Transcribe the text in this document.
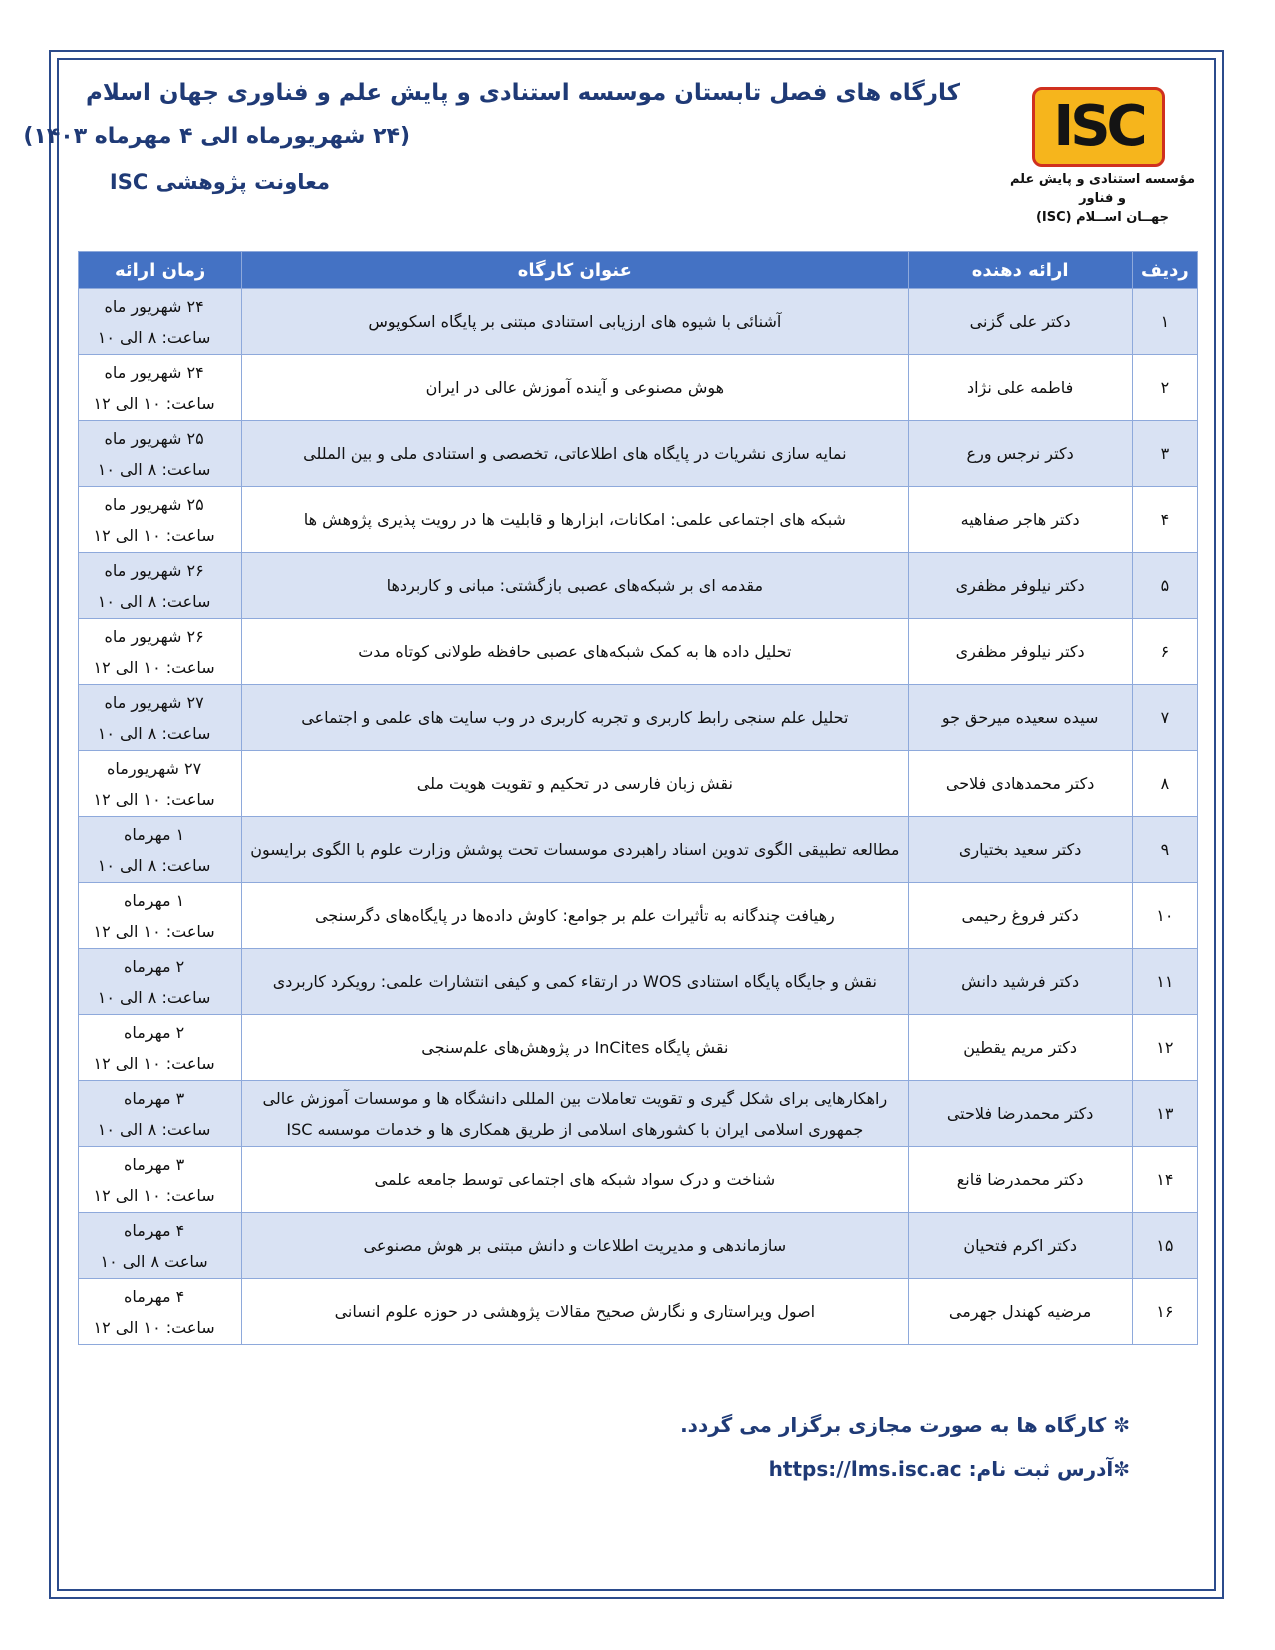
ISC
مؤسسه استنادی و پایش علم و فناور
جهــان اســلام (ISC)
کارگاه های فصل تابستان موسسه استنادی و پایش علم و فناوری جهان اسلام
(۲۴ شهریورماه الی ۴ مهرماه ۱۴۰۳)
معاونت پژوهشی ISC
ردیف	ارائه دهنده	عنوان کارگاه	زمان ارائه
۱	دکتر علی گزنی	آشنائی با شیوه های ارزیابی استنادی مبتنی بر پایگاه اسکوپوس	۲۴ شهریور ماه
ساعت: ۸ الی ۱۰

۲	فاطمه علی نژاد	هوش مصنوعی و آینده آموزش عالی در ایران	۲۴ شهریور ماه
ساعت: ۱۰ الی ۱۲

۳	دکتر نرجس ورع	نمایه سازی نشریات در پایگاه های اطلاعاتی، تخصصی و استنادی ملی و بین المللی	۲۵ شهریور ماه
ساعت: ۸ الی ۱۰

۴	دکتر هاجر صفاهیه	شبکه های اجتماعی علمی: امکانات، ابزارها و قابلیت ها در رویت پذیری پژوهش ها	۲۵ شهریور ماه
ساعت: ۱۰ الی ۱۲

۵	دکتر نیلوفر مظفری	مقدمه ای بر شبکه‌های عصبی بازگشتی: مبانی و کاربردها	۲۶ شهریور ماه
ساعت: ۸ الی ۱۰

۶	دکتر نیلوفر مظفری	تحلیل داده ها به کمک شبکه‌های عصبی حافظه طولانی کوتاه مدت	۲۶ شهریور ماه
ساعت: ۱۰ الی ۱۲

۷	سیده سعیده میرحق جو	تحلیل علم سنجی رابط کاربری و تجربه کاربری در وب سایت های علمی و اجتماعی	۲۷ شهریور ماه
ساعت: ۸ الی ۱۰

۸	دکتر محمدهادی فلاحی	نقش زبان فارسی در تحکیم و تقویت هویت ملی	۲۷ شهریورماه
ساعت: ۱۰ الی ۱۲

۹	دکتر سعید بختیاری	مطالعه تطبیقی الگوی تدوین اسناد راهبردی موسسات تحت پوشش وزارت علوم با الگوی برایسون	۱ مهرماه
ساعت: ۸ الی ۱۰

۱۰	دکتر فروغ رحیمی	رهیافت چندگانه به تأثیرات علم بر جوامع: کاوش داده‌ها در پایگاه‌های دگرسنجی	۱ مهرماه
ساعت: ۱۰ الی ۱۲

۱۱	دکتر فرشید دانش	نقش و جایگاه پایگاه استنادی WOS در ارتقاء کمی و کیفی انتشارات علمی: رویکرد کاربردی	۲ مهرماه
ساعت: ۸ الی ۱۰

۱۲	دکتر مریم یقطین	نقش پایگاه InCites در پژوهش‌های علم‌سنجی	۲ مهرماه
ساعت: ۱۰ الی ۱۲

۱۳	دکتر محمدرضا فلاحتی	راهکارهایی برای شکل گیری و تقویت تعاملات بین المللی دانشگاه ها و موسسات آموزش عالی جمهوری اسلامی ایران با کشورهای اسلامی از طریق همکاری ها و خدمات موسسه ISC	۳ مهرماه
ساعت: ۸ الی ۱۰

۱۴	دکتر محمدرضا قانع	شناخت و درک سواد شبکه های اجتماعی توسط جامعه علمی	۳ مهرماه
ساعت: ۱۰ الی ۱۲

۱۵	دکتر اکرم فتحیان	سازماندهی و مدیریت اطلاعات و دانش مبتنی بر هوش مصنوعی	۴ مهرماه
ساعت ۸ الی ۱۰

۱۶	مرضیه کهندل جهرمی	اصول ویراستاری و نگارش صحیح مقالات پژوهشی در حوزه علوم انسانی	۴ مهرماه
ساعت: ۱۰ الی ۱۲
✼ کارگاه ها به صورت مجازی برگزار می گردد.
✼آدرس ثبت نام: https://lms.isc.ac
